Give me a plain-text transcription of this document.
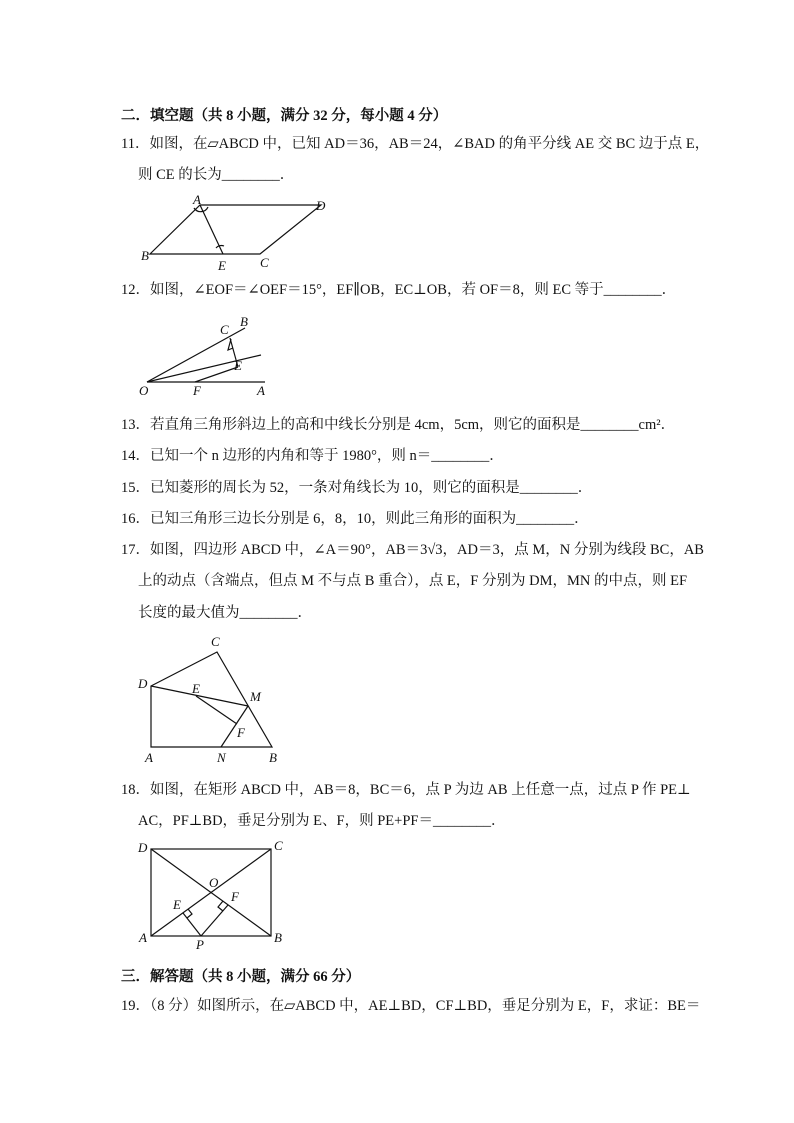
二．填空题（共 8 小题，满分 32 分，每小题 4 分）
11．如图，在▱ABCD 中，已知 AD＝36，AB＝24，∠BAD 的角平分线 AE 交 BC 边于点 E，
则 CE 的长为________．
A	D
B
E	C
12．如图，∠EOF＝∠OEF＝15°，EF∥OB，EC⊥OB，若 OF＝8，则 EC 等于________．
B
C
E
O	F	A
13．若直角三角形斜边上的高和中线长分别是 4cm，5cm，则它的面积是________cm²．
14．已知一个 n 边形的内角和等于 1980°，则 n＝________．
15．已知菱形的周长为 52，一条对角线长为 10，则它的面积是________．
16．已知三角形三边长分别是 6，8，10，则此三角形的面积为________．
17．如图，四边形 ABCD 中，∠A＝90°，AB＝3√3，AD＝3，点 M，N 分别为线段 BC，AB
上的动点（含端点，但点 M 不与点 B 重合），点 E，F 分别为 DM，MN 的中点，则 EF
长度的最大值为________．
C
D	E
M
F
A	N	B
18．如图，在矩形 ABCD 中，AB＝8，BC＝6，点 P 为边 AB 上任意一点，过点 P 作 PE⊥
AC，PF⊥BD，垂足分别为 E、F，则 PE+PF＝________．
D	C
O
E
F
A	P	B
三．解答题（共 8 小题，满分 66 分）
19．（8 分）如图所示，在▱ABCD 中，AE⊥BD，CF⊥BD，垂足分别为 E，F，求证：BE＝
